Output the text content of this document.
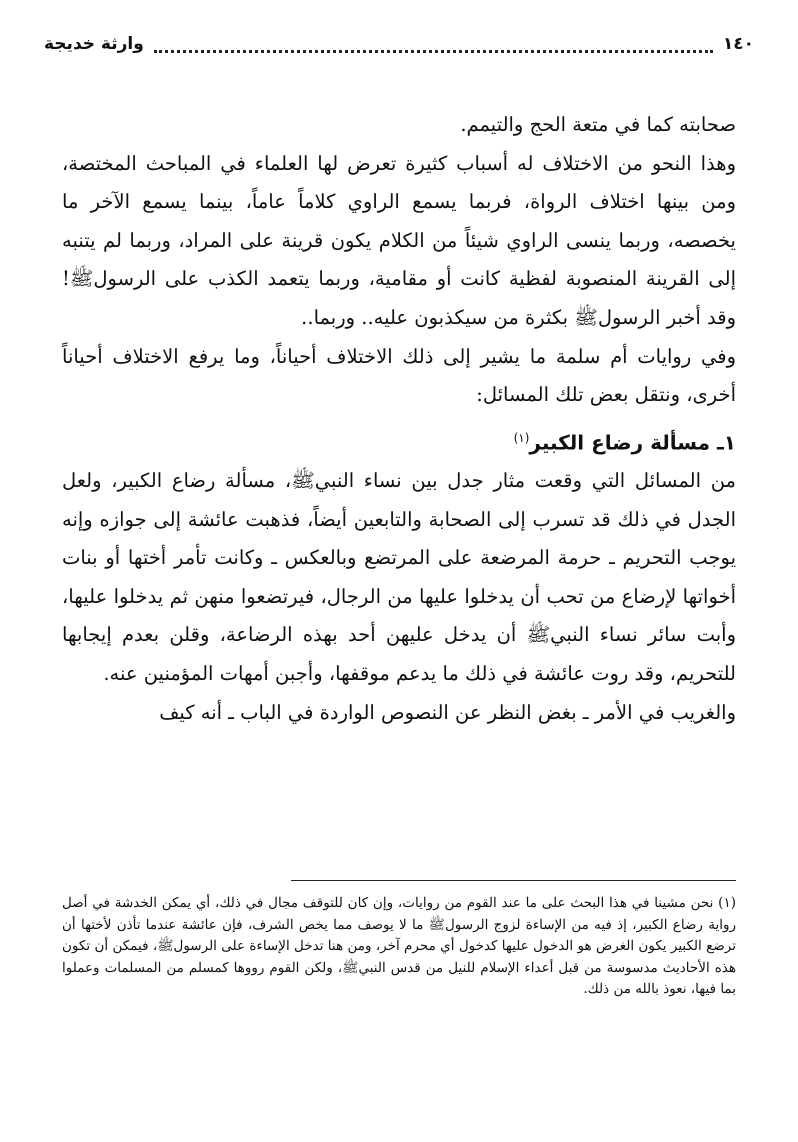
١٤٠
وارثة خديجة

صحابته كما في متعة الحج والتيمم.

وهذا النحو من الاختلاف له أسباب كثيرة تعرض لها العلماء في المباحث المختصة، ومن بينها اختلاف الرواة، فربما يسمع الراوي كلاماً عاماً، بينما يسمع الآخر ما يخصصه، وربما ينسى الراوي شيئاً من الكلام يكون قرينة على المراد، وربما لم يتنبه إلى القرينة المنصوبة لفظية كانت أو مقامية، وربما يتعمد الكذب على الرسولﷺ! وقد أخبر الرسولﷺ بكثرة من سيكذبون عليه.. وربما..

وفي روايات أم سلمة ما يشير إلى ذلك الاختلاف أحياناً، وما يرفع الاختلاف أحياناً أخرى، ونتقل بعض تلك المسائل:

١ـ مسألة رضاع الكبير$^{(١)}$

من المسائل التي وقعت مثار جدل بين نساء النبيﷺ، مسألة رضاع الكبير، ولعل الجدل في ذلك قد تسرب إلى الصحابة والتابعين أيضاً، فذهبت عائشة إلى جوازه وإنه يوجب التحريم ـ حرمة المرضعة على المرتضع وبالعكس ـ وكانت تأمر أختها أو بنات أخواتها لإرضاع من تحب أن يدخلوا عليها من الرجال، فيرتضعوا منهن ثم يدخلوا عليها، وأبت سائر نساء النبيﷺ أن يدخل عليهن أحد بهذه الرضاعة، وقلن بعدم إيجابها للتحريم، وقد روت عائشة في ذلك ما يدعم موقفها، وأجبن أمهات المؤمنين عنه.

والغريب في الأمر ـ بغض النظر عن النصوص الواردة في الباب ـ أنه كيف

(١) نحن مشينا في هذا البحث على ما عند القوم من روايات، وإن كان للتوقف مجال في ذلك، أي يمكن الخدشة في أصل رواية رضاع الكبير، إذ فيه من الإساءة لزوج الرسولﷺ ما لا يوصف مما يخص الشرف، فإن عائشة عندما تأذن لأختها أن ترضع الكبير يكون الغرض هو الدخول عليها كدخول أي محرم آخر، ومن هنا تدخل الإساءة على الرسولﷺ، فيمكن أن تكون هذه الأحاديث مدسوسة من قبل أعداء الإسلام للنيل من قدس النبيﷺ، ولكن القوم رووها كمسلم من المسلمات وعملوا بما فيها، نعوذ بالله من ذلك.
